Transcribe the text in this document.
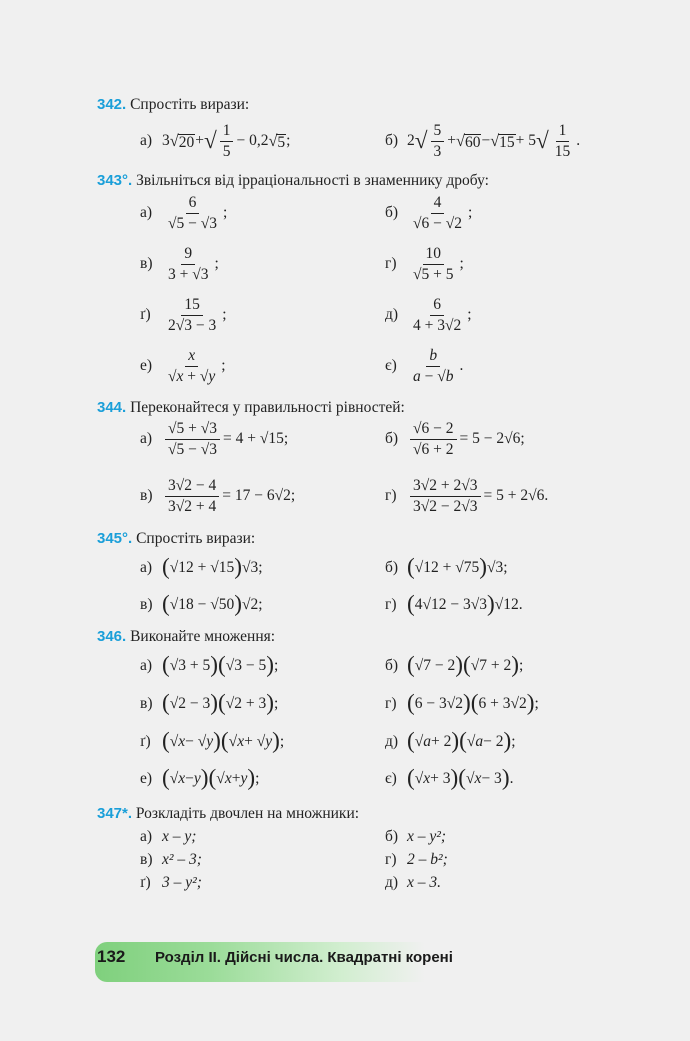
342. Спростіть вирази:
а) 3 √ 20 + √ $\frac{1}{5} - 0,2$ √ 5 ;	б) 2 √ $\frac{5}{3}$ + √ 60 − √ 15 + 5 √ $\frac{1}{15}$ .
343°. Звільніться від ірраціональності в знаменнику дробу:
$а) \frac{6}{√5 - √3}$ ;	$б) \frac{4}{√6 - √2}$ ;
$в) \frac{9}{3 + √3}$ ;	$г) \frac{10}{√5 + 5}$ ;
$ґ) \frac{15}{2√3 - 3}$ ;	$д) \frac{6}{4 + 3√2}$ ;
$е) \frac{x}{√x + √y}$ ;	$є) \frac{b}{a - √b}$ .
344. Переконайтеся у правильності рівностей:
$а) \frac{√5 + √3}{√5 - √3} = 4 + √15$;	$б) \frac{√6 - 2}{√6 + 2} = 5 - 2√6$;
$в) \frac{3√2 - 4}{3√2 + 4} = 17 - 6√2$;	$г) \frac{3√2 + 2√3}{3√2 - 2√3} = 5 + 2√6$.
345°. Спростіть вирази:
а) ( √12 + √15 ) √3;	б) ( √12 + √75 ) √3;
в) ( √18 − √50 ) √2;	г) ( 4√12 − 3√3 ) √12.
346. Виконайте множення:
а) ( √3 + 5 )( √3 − 5 ) ;	б) ( √7 − 2 )( √7 + 2 ) ;
в) ( √2 − 3 )( √2 + 3 ) ;	г) ( 6 − 3√2 )( 6 + 3√2 ) ;
ґ) ( √ x − √ y )( √ x + √ y ) ;	д) ( √ a + 2 )( √ a − 2 ) ;
е) ( √ x − y )( √ x + y ) ;	є) ( √ x + 3 )( √ x − 3 ) .
347*. Розкладіть двочлен на множники:
а) x – y;	б) x – y²;
в) x² – 3;	г) 2 – b²;
ґ) 3 – y²;	д) x – 3.
132 Розділ ІІ. Дійсні числа. Квадратні корені
